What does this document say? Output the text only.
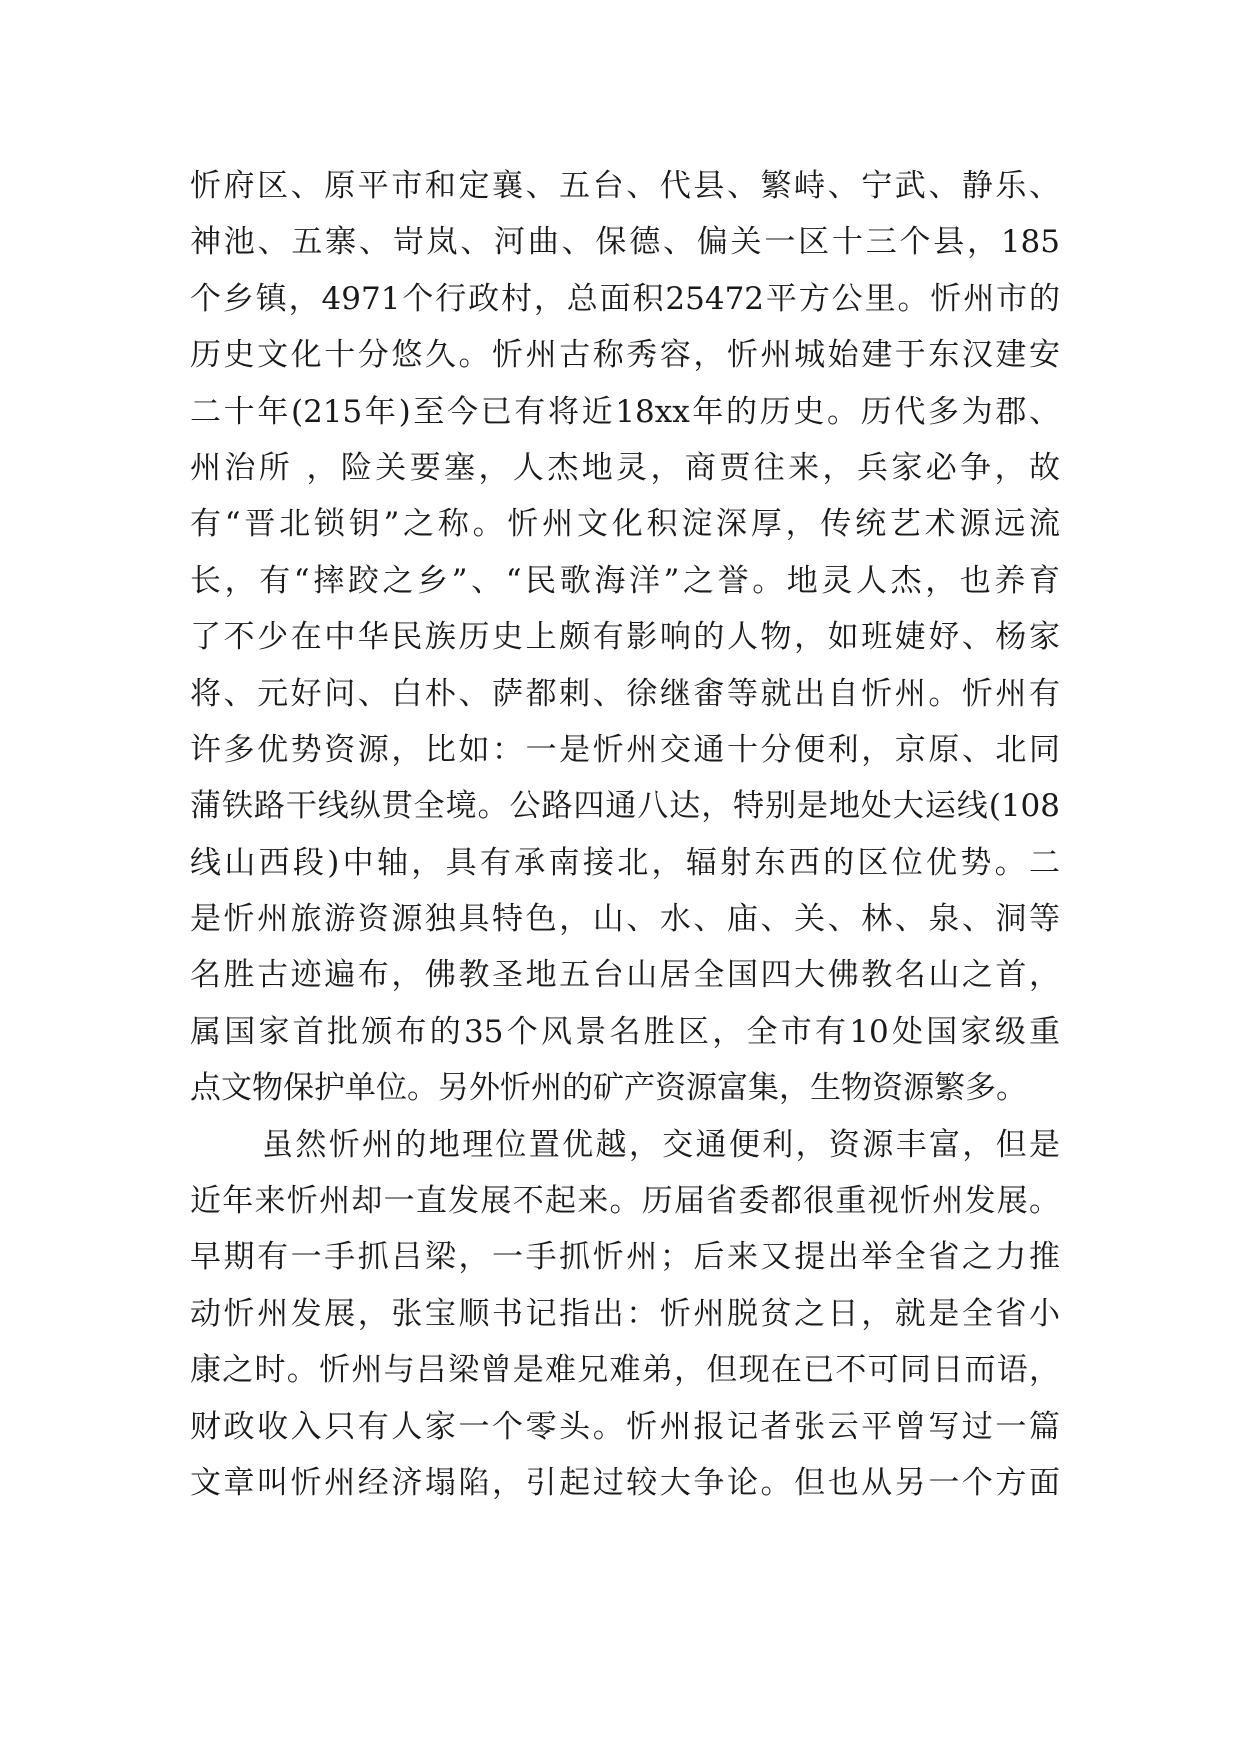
忻府区、原平市和定襄、五台、代县、繁峙、宁武、静乐、
神池、五寨、岢岚、河曲、保德、偏关一区十三个县，185
个乡镇，4971个行政村，总面积25472平方公里。忻州市的
历史文化十分悠久。忻州古称秀容，忻州城始建于东汉建安
二十年(215年)至今已有将近18xx年的历史。历代多为郡、
州治所 ，险关要塞，人杰地灵，商贾往来，兵家必争，故
有“晋北锁钥”之称。忻州文化积淀深厚，传统艺术源远流
长，有“摔跤之乡”、“民歌海洋”之誉。地灵人杰，也养育
了不少在中华民族历史上颇有影响的人物，如班婕妤、杨家
将、元好问、白朴、萨都剌、徐继畬等就出自忻州。忻州有
许多优势资源，比如：一是忻州交通十分便利，京原、北同
蒲铁路干线纵贯全境。公路四通八达，特别是地处大运线(108
线山西段)中轴，具有承南接北，辐射东西的区位优势。二
是忻州旅游资源独具特色，山、水、庙、关、林、泉、洞等
名胜古迹遍布，佛教圣地五台山居全国四大佛教名山之首，
属国家首批颁布的35个风景名胜区，全市有10处国家级重
点文物保护单位。另外忻州的矿产资源富集，生物资源繁多。
虽然忻州的地理位置优越，交通便利，资源丰富，但是
近年来忻州却一直发展不起来。历届省委都很重视忻州发展。
早期有一手抓吕梁，一手抓忻州；后来又提出举全省之力推
动忻州发展，张宝顺书记指出：忻州脱贫之日，就是全省小
康之时。忻州与吕梁曾是难兄难弟，但现在已不可同日而语，
财政收入只有人家一个零头。忻州报记者张云平曾写过一篇
文章叫忻州经济塌陷，引起过较大争论。但也从另一个方面
